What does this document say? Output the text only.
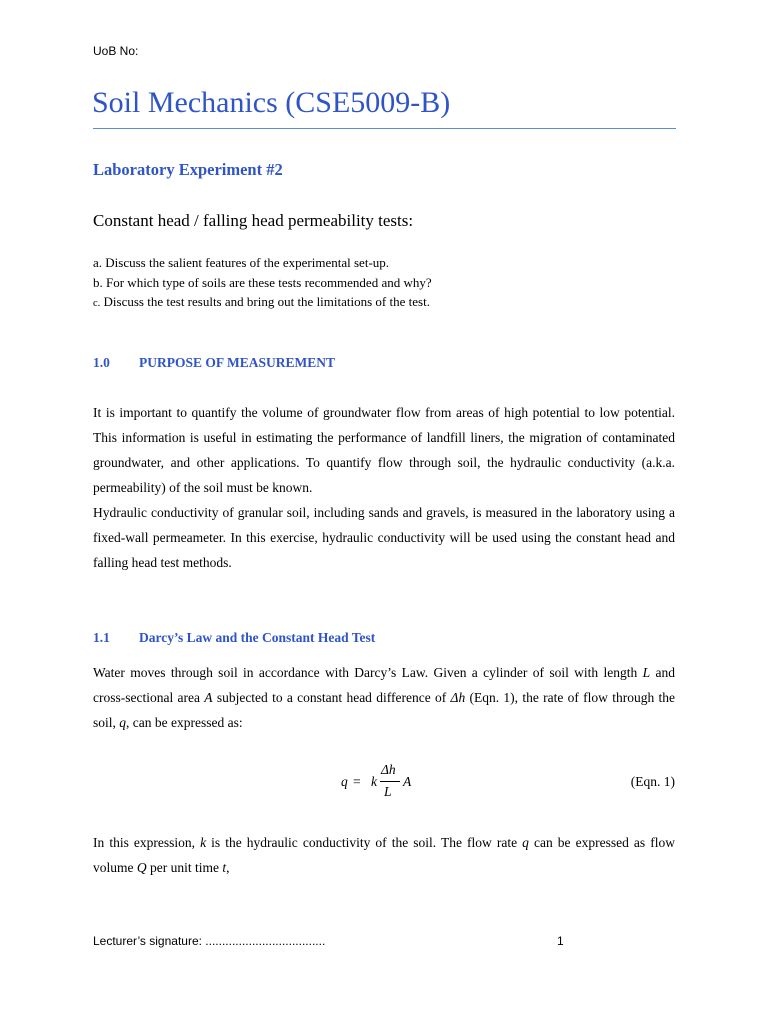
UoB No:
Soil Mechanics (CSE5009-B)
Laboratory Experiment #2
Constant head / falling head permeability tests:
a. Discuss the salient features of the experimental set-up.
b. For which type of soils are these tests recommended and why?
c. Discuss the test results and bring out the limitations of the test.
1.0 PURPOSE OF MEASUREMENT

It is important to quantify the volume of groundwater flow from areas of high potential to low potential. This information is useful in estimating the performance of landfill liners, the migration of contaminated groundwater, and other applications. To quantify flow through soil, the hydraulic conductivity (a.k.a. permeability) of the soil must be known.

Hydraulic conductivity of granular soil, including sands and gravels, is measured in the laboratory using a fixed-wall permeameter. In this exercise, hydraulic conductivity will be used using the constant head and falling head test methods.

1.1 Darcy’s Law and the Constant Head Test

Water moves through soil in accordance with Darcy’s Law. Given a cylinder of soil with length L and cross-sectional area A subjected to a constant head difference of Δh (Eqn. 1), the rate of flow through the soil, q, can be expressed as:

q = k
Δh
L
A	(Eqn. 1)

In this expression, k is the hydraulic conductivity of the soil. The flow rate q can be expressed as flow volume Q per unit time t,

Lecturer’s signature: ....................................	1
